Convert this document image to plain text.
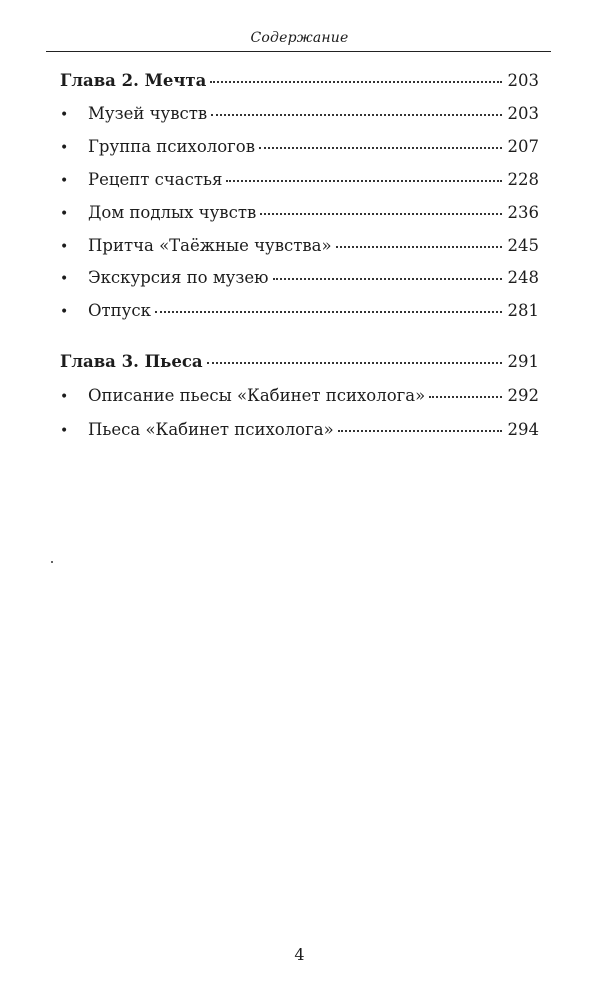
Содержание
Глава 2. Мечта	203
•	Музей чувств	203
•	Группа психологов	207
•	Рецепт счастья	228
•	Дом подлых чувств	236
•	Притча «Таёжные чувства»	245
•	Экскурсия по музею	248
•	Отпуск	281
Глава 3. Пьеса	291
•	Описание пьесы «Кабинет психолога»	292
•	Пьеса «Кабинет психолога»	294
4
